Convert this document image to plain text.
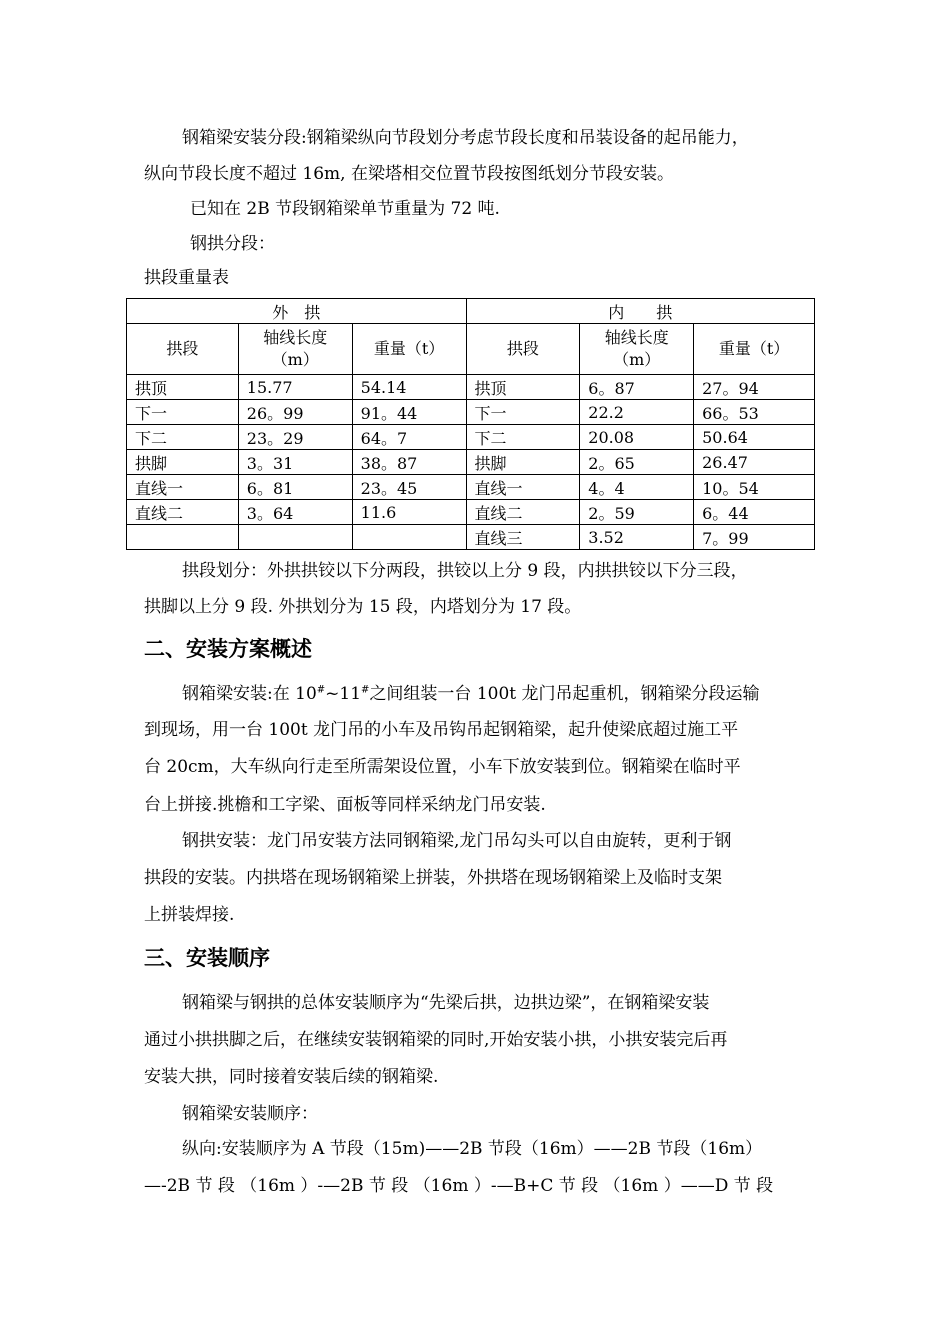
钢箱梁安装分段:钢箱梁纵向节段划分考虑节段长度和吊装设备的起吊能力，
纵向节段长度不超过 16m, 在梁塔相交位置节段按图纸划分节段安装。
已知在 2B 节段钢箱梁单节重量为 72 吨.
钢拱分段：
拱段重量表
外　拱			内　　拱		
拱段	轴线长度（m）	重量（t）	拱段	轴线长度（m）	重量（t）
拱顶	15.77	54.14	拱顶	6。87	27。94
下一	26。99	91。44	下一	22.2	66。53
下二	23。29	64。7	下二	20.08	50.64
拱脚	3。31	38。87	拱脚	2。65	26.47
直线一	6。81	23。45	直线一	4。4	10。54
直线二	3。64	11.6	直线二	2。59	6。44
			直线三	3.52	7。99
拱段划分：外拱拱铰以下分两段，拱铰以上分 9 段，内拱拱铰以下分三段，
拱脚以上分 9 段. 外拱划分为 15 段，内塔划分为 17 段。
二、安装方案概述
钢箱梁安装:在 10#~11#之间组装一台 100t 龙门吊起重机，钢箱梁分段运输
到现场，用一台 100t 龙门吊的小车及吊钩吊起钢箱梁，起升使梁底超过施工平
台 20cm，大车纵向行走至所需架设位置，小车下放安装到位。钢箱梁在临时平
台上拼接.挑檐和工字梁、面板等同样采纳龙门吊安装.
钢拱安装：龙门吊安装方法同钢箱梁,龙门吊勾头可以自由旋转，更利于钢
拱段的安装。内拱塔在现场钢箱梁上拼装，外拱塔在现场钢箱梁上及临时支架
上拼装焊接.
三、安装顺序
钢箱梁与钢拱的总体安装顺序为“先梁后拱，边拱边梁”，在钢箱梁安装
通过小拱拱脚之后，在继续安装钢箱梁的同时,开始安装小拱，小拱安装完后再
安装大拱，同时接着安装后续的钢箱梁.
钢箱梁安装顺序：
纵向:安装顺序为 A 节段（15m)——2B 节段（16m）——2B 节段（16m）
—-2B 节 段 （16m ）-—2B 节 段 （16m ）-—B+C 节 段 （16m ）——D 节 段
